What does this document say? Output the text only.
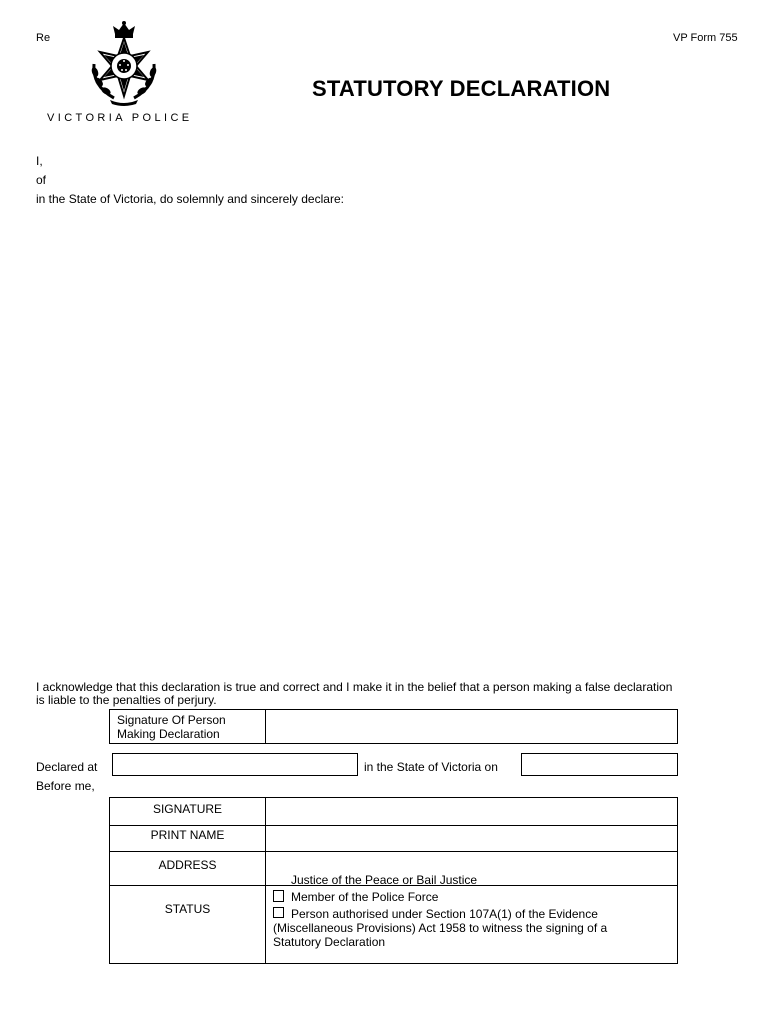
Re	VP Form 755
VICTORIA POLICE
STATUTORY DECLARATION
I,
of
in the State of Victoria, do solemnly and sincerely declare:
I acknowledge that this declaration is true and correct and I make it in the belief that a person making a false declaration
is liable to the penalties of perjury.
Signature Of Person
Making Declaration
Declared at	in the State of Victoria on
Before me,
SIGNATURE
PRINT NAME
ADDRESS
STATUS
Justice of the Peace or Bail Justice
Member of the Police Force
Person authorised under Section 107A(1) of the Evidence
(Miscellaneous Provisions) Act 1958 to witness the signing of a
Statutory Declaration
